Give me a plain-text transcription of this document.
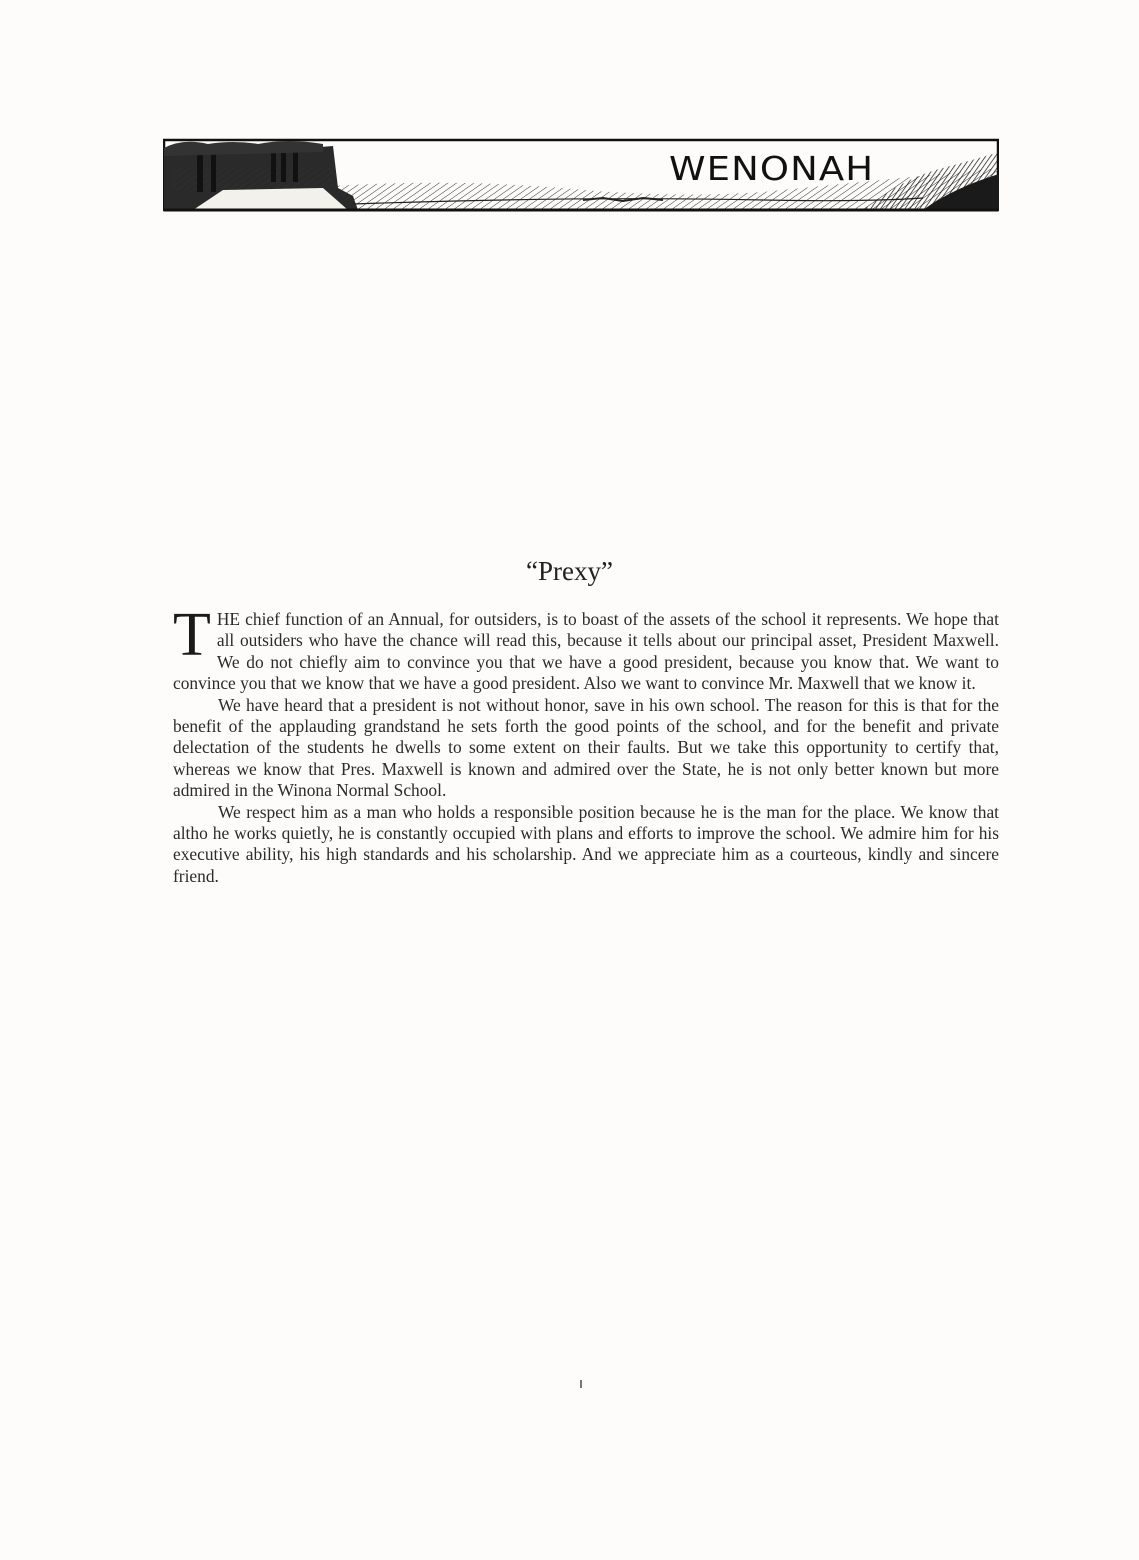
WENONAH
“Prexy”

THE chief function of an Annual, for outsiders, is to boast of the assets of the school it represents. We hope that all outsiders who have the chance will read this, because it tells about our principal asset, President Maxwell. We do not chiefly aim to convince you that we have a good president, because you know that. We want to convince you that we know that we have a good president. Also we want to convince Mr. Maxwell that we know it.

We have heard that a president is not without honor, save in his own school. The reason for this is that for the benefit of the applauding grandstand he sets forth the good points of the school, and for the benefit and private delectation of the students he dwells to some extent on their faults. But we take this opportunity to certify that, whereas we know that Pres. Maxwell is known and admired over the State, he is not only better known but more admired in the Winona Normal School.

We respect him as a man who holds a responsible position because he is the man for the place. We know that altho he works quietly, he is constantly occupied with plans and efforts to improve the school. We admire him for his executive ability, his high standards and his scholarship. And we appreciate him as a courteous, kindly and sincere friend.
